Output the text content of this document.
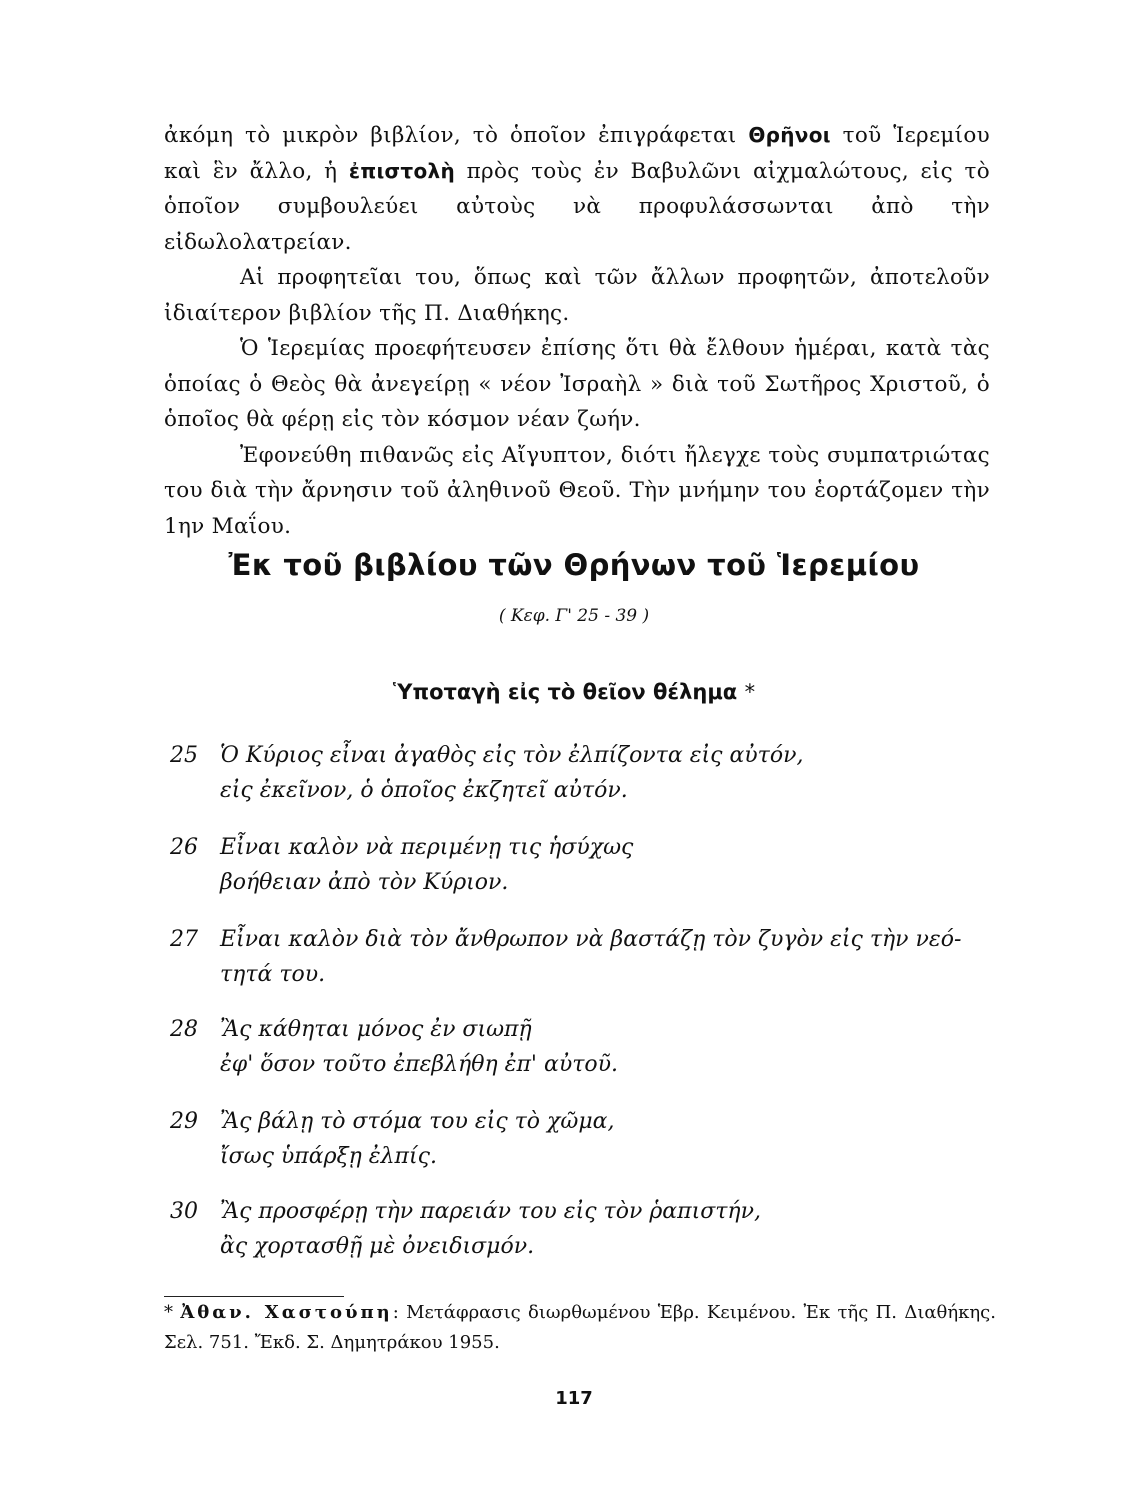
ἀκόμη τὸ μικρὸν βιβλίον, τὸ ὁποῖον ἐπιγράφεται Θρῆνοι τοῦ Ἱερεμίου καὶ ἓν ἄλλο, ἡ ἐπιστολὴ πρὸς τοὺς ἐν Βαβυλῶνι αἰχμαλώτους, εἰς τὸ ὁποῖον συμβουλεύει αὐτοὺς νὰ προφυλάσσωνται ἀπὸ τὴν εἰδωλολατρείαν.

Αἱ προφητεῖαι του, ὅπως καὶ τῶν ἄλλων προφητῶν, ἀποτελοῦν ἰδιαίτερον βιβλίον τῆς Π. Διαθήκης.

Ὁ Ἱερεμίας προεφήτευσεν ἐπίσης ὅτι θὰ ἔλθουν ἡμέραι, κατὰ τὰς ὁποίας ὁ Θεὸς θὰ ἀνεγείρῃ « νέον Ἰσραὴλ » διὰ τοῦ Σωτῆρος Χριστοῦ, ὁ ὁποῖος θὰ φέρῃ εἰς τὸν κόσμον νέαν ζωήν.

Ἐφονεύθη πιθανῶς εἰς Αἴγυπτον, διότι ἤλεγχε τοὺς συμπατριώτας του διὰ τὴν ἄρνησιν τοῦ ἀληθινοῦ Θεοῦ. Τὴν μνήμην του ἑορτάζομεν τὴν 1ην Μαΐου.

Ἐκ τοῦ βιβλίου τῶν Θρήνων τοῦ Ἱερεμίου
( Κεφ. Γ' 25 - 39 )
Ὑποταγὴ εἰς τὸ θεῖον θέλημα *
25	Ὁ Κύριος εἶναι ἀγαθὸς εἰς τὸν ἐλπίζοντα εἰς αὐτόν,
εἰς ἐκεῖνον, ὁ ὁποῖος ἐκζητεῖ αὐτόν.
26	Εἶναι καλὸν νὰ περιμένῃ τις ἡσύχως
βοήθειαν ἀπὸ τὸν Κύριον.
27	Εἶναι καλὸν διὰ τὸν ἄνθρωπον νὰ βαστάζῃ τὸν ζυγὸν εἰς τὴν νεό-
τητά του.
28	Ἂς κάθηται μόνος ἐν σιωπῇ
ἐφ' ὅσον τοῦτο ἐπεβλήθη ἐπ' αὐτοῦ.
29	Ἂς βάλῃ τὸ στόμα του εἰς τὸ χῶμα,
ἴσως ὑπάρξῃ ἐλπίς.
30	Ἂς προσφέρῃ τὴν παρειάν του εἰς τὸν ῥαπιστήν,
ἂς χορτασθῇ μὲ ὀνειδισμόν.
* Ἀθαν. Χαστούπη: Μετάφρασις διωρθωμένου Ἑβρ. Κειμένου. Ἐκ τῆς Π. Διαθήκης. Σελ. 751. Ἔκδ. Σ. Δημητράκου 1955.
117
